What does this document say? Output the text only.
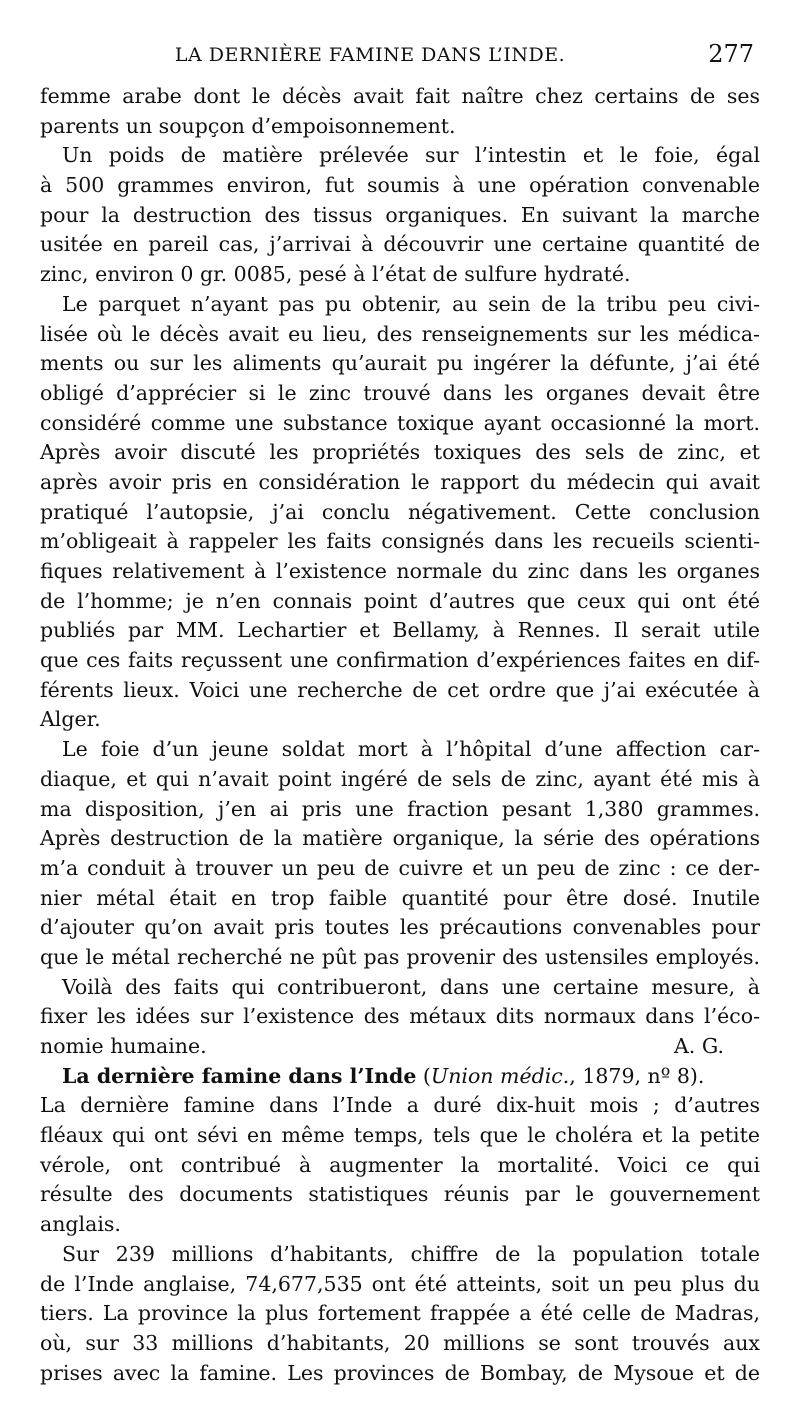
LA DERNIÈRE FAMINE DANS L’INDE.	277
femme arabe dont le décès avait fait naître chez certains de ses
parents un soupçon d’empoisonnement.
Un poids de matière prélevée sur l’intestin et le foie, égal
à 500 grammes environ, fut soumis à une opération convenable
pour la destruction des tissus organiques. En suivant la marche
usitée en pareil cas, j’arrivai à découvrir une certaine quantité de
zinc, environ 0 gr. 0085, pesé à l’état de sulfure hydraté.
Le parquet n’ayant pas pu obtenir, au sein de la tribu peu civi-
lisée où le décès avait eu lieu, des renseignements sur les médica-
ments ou sur les aliments qu’aurait pu ingérer la défunte, j’ai été
obligé d’apprécier si le zinc trouvé dans les organes devait être
considéré comme une substance toxique ayant occasionné la mort.
Après avoir discuté les propriétés toxiques des sels de zinc, et
après avoir pris en considération le rapport du médecin qui avait
pratiqué l’autopsie, j’ai conclu négativement. Cette conclusion
m’obligeait à rappeler les faits consignés dans les recueils scienti-
fiques relativement à l’existence normale du zinc dans les organes
de l’homme; je n’en connais point d’autres que ceux qui ont été
publiés par MM. Lechartier et Bellamy, à Rennes. Il serait utile
que ces faits reçussent une confirmation d’expériences faites en dif-
férents lieux. Voici une recherche de cet ordre que j’ai exécutée à
Alger.
Le foie d’un jeune soldat mort à l’hôpital d’une affection car-
diaque, et qui n’avait point ingéré de sels de zinc, ayant été mis à
ma disposition, j’en ai pris une fraction pesant 1,380 grammes.
Après destruction de la matière organique, la série des opérations
m’a conduit à trouver un peu de cuivre et un peu de zinc : ce der-
nier métal était en trop faible quantité pour être dosé. Inutile
d’ajouter qu’on avait pris toutes les précautions convenables pour
que le métal recherché ne pût pas provenir des ustensiles employés.
Voilà des faits qui contribueront, dans une certaine mesure, à
fixer les idées sur l’existence des métaux dits normaux dans l’éco-
nomie humaine.	A. G.
La dernière famine dans l’Inde (Union médic., 1879, nº 8).
La dernière famine dans l’Inde a duré dix-huit mois ; d’autres
fléaux qui ont sévi en même temps, tels que le choléra et la petite
vérole, ont contribué à augmenter la mortalité. Voici ce qui
résulte des documents statistiques réunis par le gouvernement
anglais.
Sur 239 millions d’habitants, chiffre de la population totale
de l’Inde anglaise, 74,677,535 ont été atteints, soit un peu plus du
tiers. La province la plus fortement frappée a été celle de Madras,
où, sur 33 millions d’habitants, 20 millions se sont trouvés aux
prises avec la famine. Les provinces de Bombay, de Mysoue et de
